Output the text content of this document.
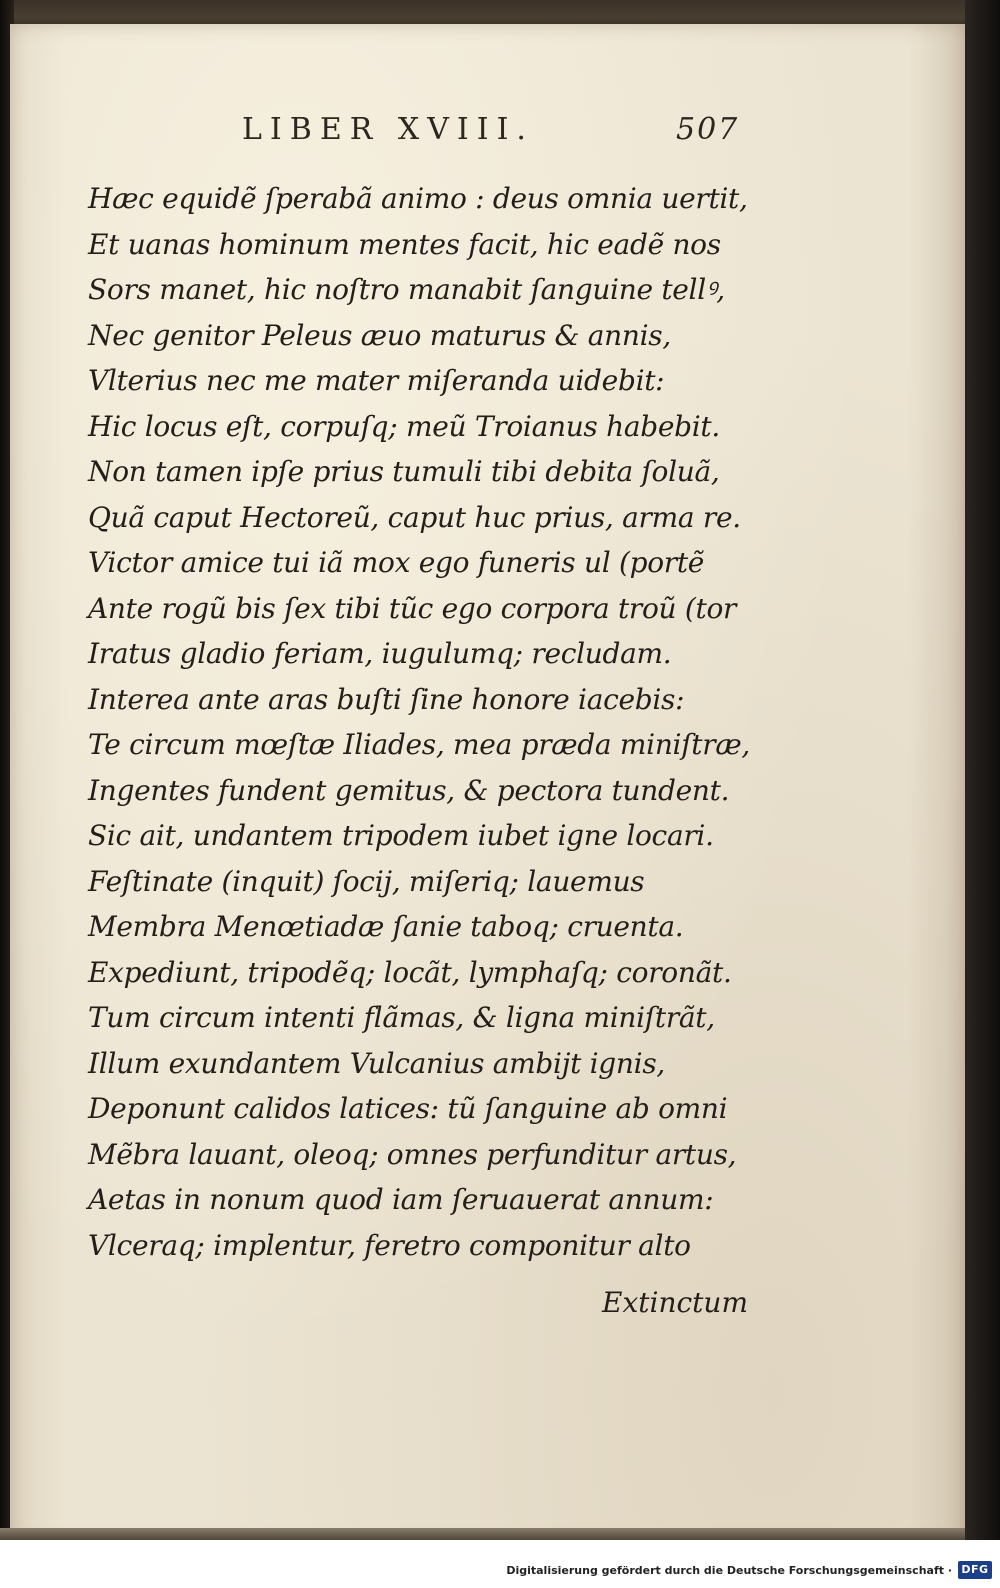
LIBER XVIII.	507
Hæc equidẽ ſperabã animo : deus omnia uertit,
Et uanas hominum mentes facit, hic eadẽ nos
Sors manet, hic noſtro manabit ſanguine tellꝰ,
Nec genitor Peleus æuo maturus & annis,
Vlterius nec me mater miſeranda uidebit:
Hic locus eſt, corpuſq; meũ Troianus habebit.
Non tamen ipſe prius tumuli tibi debita ſoluã,
Quã caput Hectoreũ, caput huc prius, arma re.
Victor amice tui iã mox ego funeris ul (portẽ
Ante rogũ bis ſex tibi tũc ego corpora troũ (tor
Iratus gladio feriam, iugulumq; recludam.
Interea ante aras buſti ſine honore iacebis:
Te circum mœſtæ Iliades, mea præda miniſtræ,
Ingentes fundent gemitus, & pectora tundent.
Sic ait, undantem tripodem iubet igne locari.
Feſtinate (inquit) ſocij, miſeriq; lauemus
Membra Menœtiadæ ſanie taboq; cruenta.
Expediunt, tripodẽq; locãt, lymphaſq; coronãt.
Tum circum intenti flãmas, & ligna miniſtrãt,
Illum exundantem Vulcanius ambijt ignis,
Deponunt calidos latices: tũ ſanguine ab omni
Mẽbra lauant, oleoq; omnes perfunditur artus,
Aetas in nonum quod iam ſeruauerat annum:
Vlceraq; implentur, feretro componitur alto
Extinctum
Digitalisierung gefördert durch die Deutsche Forschungsgemeinschaft · DFG
